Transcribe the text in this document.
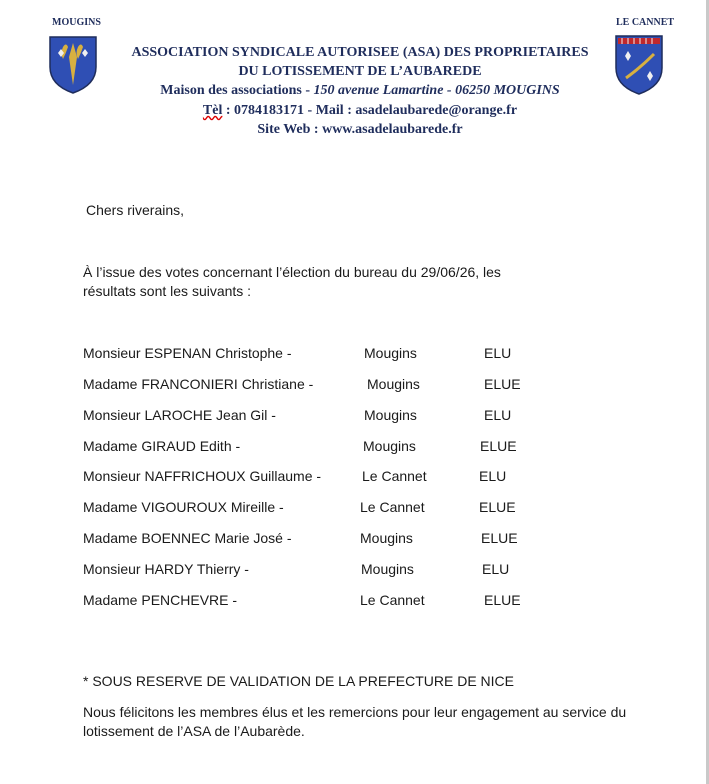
MOUGINS	LE CANNET
ASSOCIATION SYNDICALE AUTORISEE (ASA) DES PROPRIETAIRES
DU LOTISSEMENT DE L’AUBAREDE
Maison des associations - 150 avenue Lamartine - 06250 MOUGINS
Tèl : 0784183171 - Mail : asadelaubarede@orange.fr
Site Web : www.asadelaubarede.fr
Chers riverains,
À l’issue des votes concernant l’élection du bureau du 29/06/26, les
résultats sont les suivants :
Monsieur ESPENAN Christophe -	Mougins	ELU
Madame FRANCONIERI Christiane -	Mougins	ELUE
Monsieur LAROCHE Jean Gil -	Mougins	ELU
Madame GIRAUD Edith -	Mougins	ELUE
Monsieur NAFFRICHOUX Guillaume -	Le Cannet	ELU
Madame VIGOUROUX Mireille -	Le Cannet	ELUE
Madame BOENNEC Marie José -	Mougins	ELUE
Monsieur HARDY Thierry -	Mougins	ELU
Madame PENCHEVRE -	Le Cannet	ELUE
* SOUS RESERVE DE VALIDATION DE LA PREFECTURE DE NICE
Nous félicitons les membres élus et les remercions pour leur engagement au service du
lotissement de l’ASA de l’Aubarède.
